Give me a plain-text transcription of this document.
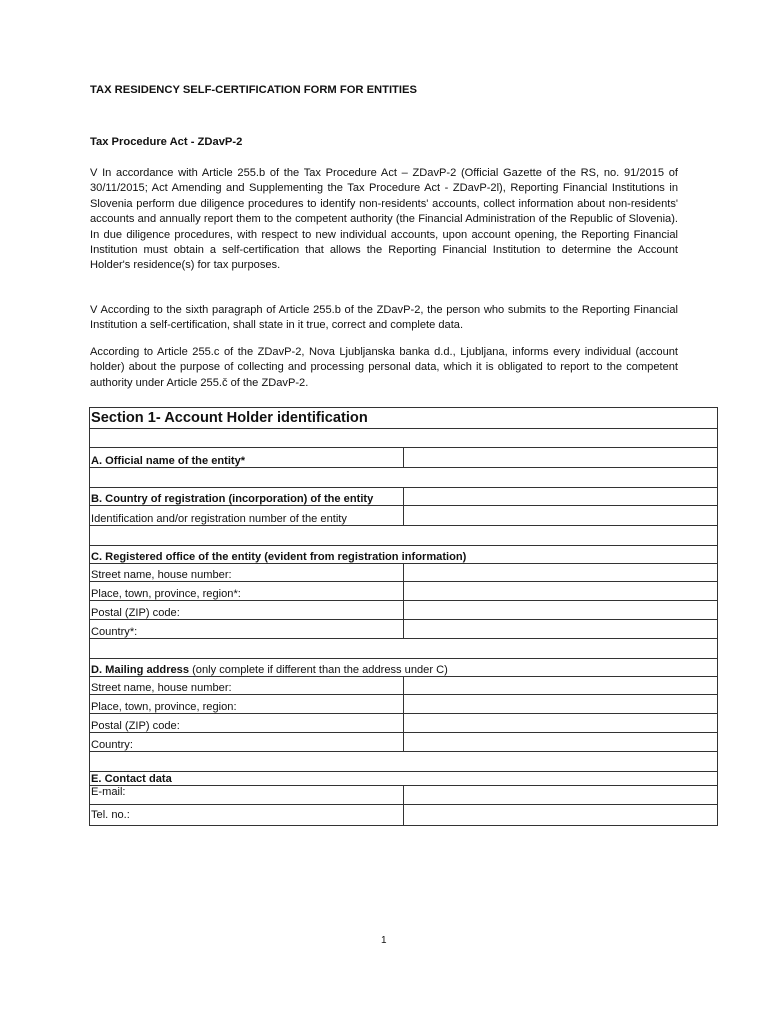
TAX RESIDENCY SELF-CERTIFICATION FORM FOR ENTITIES
Tax Procedure Act - ZDavP-2

V In accordance with Article 255.b of the Tax Procedure Act – ZDavP-2 (Official Gazette of the RS, no. 91/2015 of 30/11/2015; Act Amending and Supplementing the Tax Procedure Act - ZDavP-2l), Reporting Financial Institutions in Slovenia perform due diligence procedures to identify non-residents' accounts, collect information about non-residents' accounts and annually report them to the competent authority (the Financial Administration of the Republic of Slovenia). In due diligence procedures, with respect to new individual accounts, upon account opening, the Reporting Financial Institution must obtain a self-certification that allows the Reporting Financial Institution to determine the Account Holder's residence(s) for tax purposes.

V According to the sixth paragraph of Article 255.b of the ZDavP-2, the person who submits to the Reporting Financial Institution a self-certification, shall state in it true, correct and complete data.

According to Article 255.c of the ZDavP-2, Nova Ljubljanska banka d.d., Ljubljana, informs every individual (account holder) about the purpose of collecting and processing personal data, which it is obligated to report to the competent authority under Article 255.č of the ZDavP-2.

Section 1- Account Holder identification	

A. Official name of the entity*	

B. Country of registration (incorporation) of the entity	
Identification and/or registration number of the entity	

C. Registered office of the entity (evident from registration information)	
Street name, house number:	
Place, town, province, region*:	
Postal (ZIP) code:	
Country*:	

D. Mailing address (only complete if different than the address under C)	
Street name, house number:	
Place, town, province, region:	
Postal (ZIP) code:	
Country:	

E. Contact data	
E-mail:	
Tel. no.:	
1
